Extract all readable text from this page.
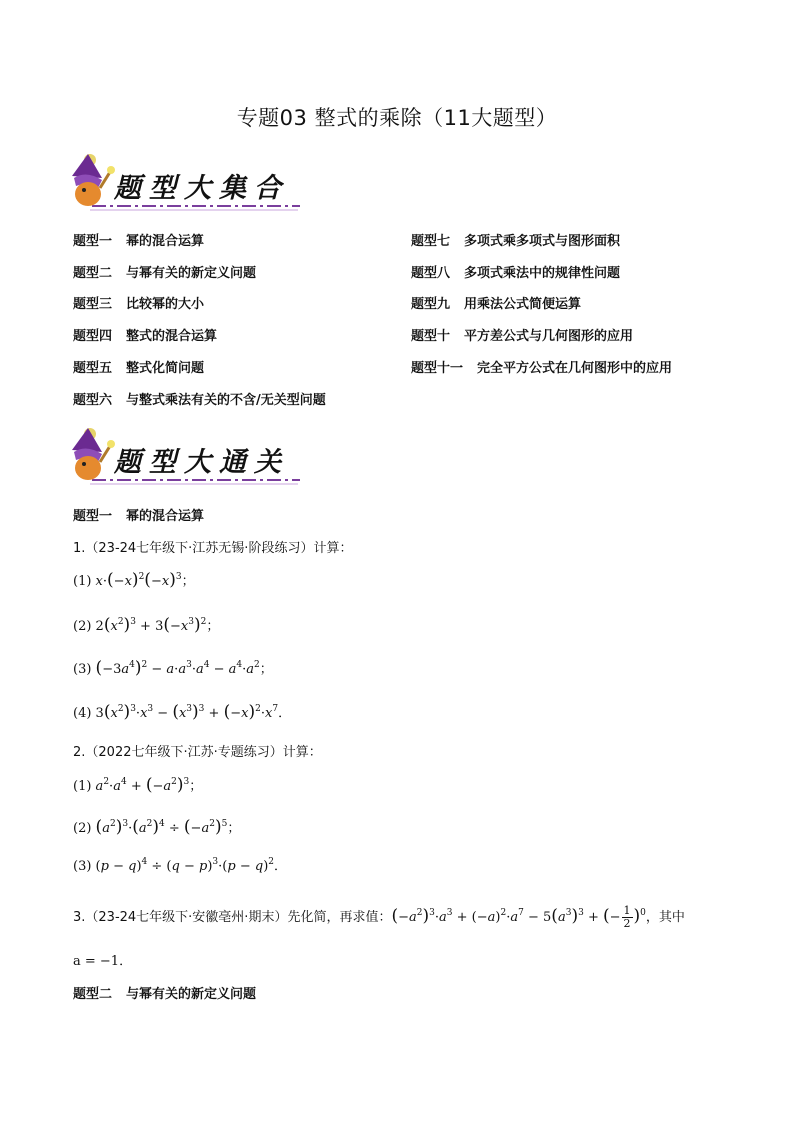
专题03 整式的乘除（11大题型）
题型大集合
题型一 幂的混合运算
题型二 与幂有关的新定义问题
题型三 比较幂的大小
题型四 整式的混合运算
题型五 整式化简问题
题型六 与整式乘法有关的不含/无关型问题
题型七 多项式乘多项式与图形面积
题型八 多项式乘法中的规律性问题
题型九 用乘法公式简便运算
题型十 平方差公式与几何图形的应用
题型十一 完全平方公式在几何图形中的应用
题型大通关
题型一 幂的混合运算
1.（23-24七年级下·江苏无锡·阶段练习）计算：
(1) $x\cdot(-x)^2(-x)^3$；
(2) $2(x^2)^3 + 3(-x^3)^2$；
(3) $(-3a^4)^2 - a\cdot a^3\cdot a^4 - a^4\cdot a^2$；
(4) $3(x^2)^3\cdot x^3 - (x^3)^3 + (-x)^2\cdot x^7$．
2.（2022七年级下·江苏·专题练习）计算：
(1) $a^2\cdot a^4 + (-a^2)^3$；
(2) $(a^2)^3\cdot(a^2)^4 \div (-a^2)^5$；
(3) $(p - q)^4 \div (q - p)^3\cdot(p - q)^2$．
3.（23-24七年级下·安徽亳州·期末）先化简，再求值：$(-a^2)^3\cdot a^3 + (-a)^2\cdot a^7 - 5(a^3)^3$ + (− $\frac{1}{2} )^0$，其中
a = −1．
题型二 与幂有关的新定义问题
